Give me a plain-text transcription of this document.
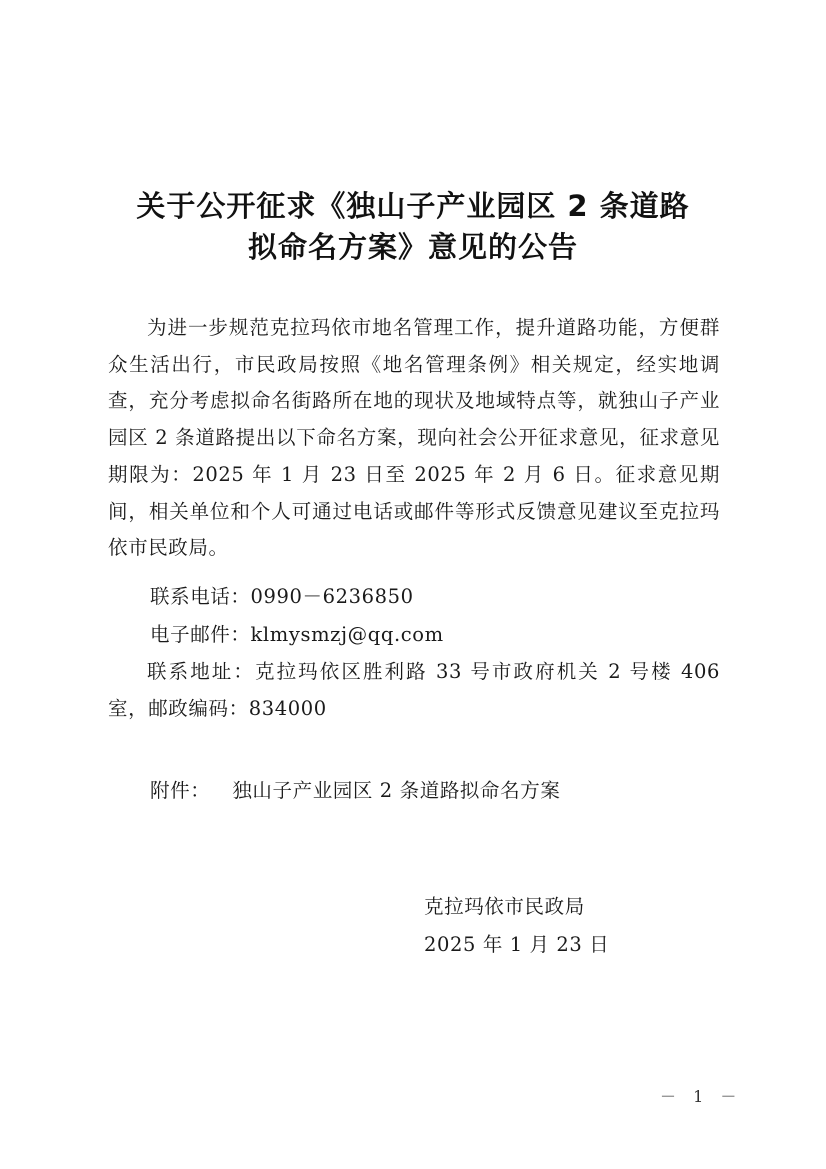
关于公开征求《独山子产业园区 2 条道路
拟命名方案》意见的公告

为进一步规范克拉玛依市地名管理工作，提升道路功能，方便群众生活出行，市民政局按照《地名管理条例》相关规定，经实地调查，充分考虑拟命名街路所在地的现状及地域特点等，就独山子产业园区 2 条道路提出以下命名方案，现向社会公开征求意见，征求意见期限为：2025 年 1 月 23 日至 2025 年 2 月 6 日。征求意见期间，相关单位和个人可通过电话或邮件等形式反馈意见建议至克拉玛依市民政局。

联系电话：0990－6236850
电子邮件：klmysmzj@qq.com
联系地址：克拉玛依区胜利路 33 号市政府机关 2 号楼 406 室，邮政编码：834000
附件： 独山子产业园区 2 条道路拟命名方案
克拉玛依市民政局
2025 年 1 月 23 日
－ 1 －
